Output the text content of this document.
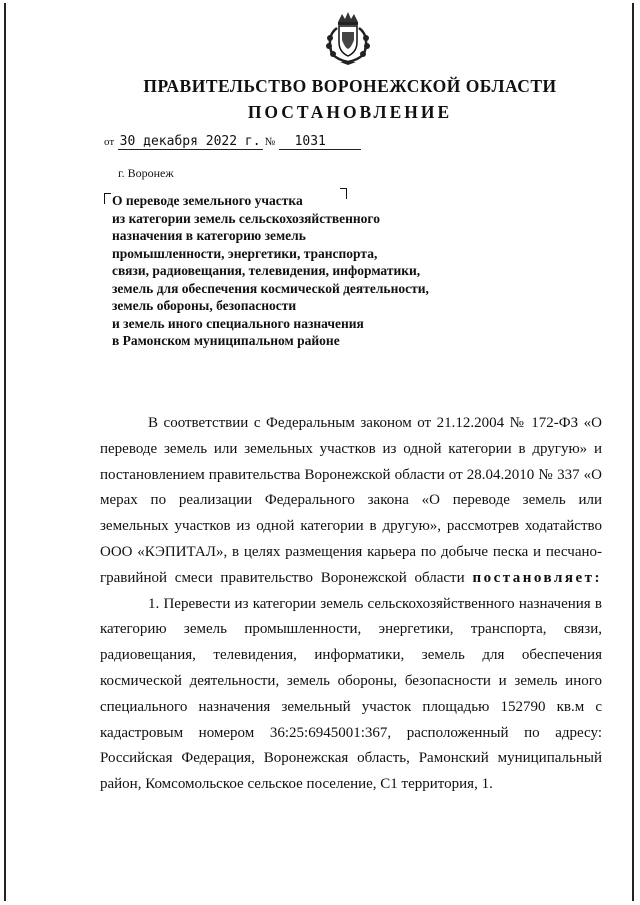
ПРАВИТЕЛЬСТВО ВОРОНЕЖСКОЙ ОБЛАСТИ
ПОСТАНОВЛЕНИЕ
от 30 декабря 2022 г. № 1031
г. Воронеж
О переводе земельного участка
из категории земель сельскохозяйственного
назначения в категорию земель
промышленности, энергетики, транспорта,
связи, радиовещания, телевидения, информатики,
земель для обеспечения космической деятельности,
земель обороны, безопасности
и земель иного специального назначения
в Рамонском муниципальном районе

В соответствии с Федеральным законом от 21.12.2004 № 172-ФЗ «О переводе земель или земельных участков из одной категории в другую» и постановлением правительства Воронежской области от 28.04.2010 № 337 «О мерах по реализации Федерального закона «О переводе земель или земельных участков из одной категории в другую», рассмотрев ходатайство ООО «КЭПИТАЛ», в целях размещения карьера по добыче песка и песчано-гравийной смеси правительство Воронежской области постановляет:

1. Перевести из категории земель сельскохозяйственного назначения в категорию земель промышленности, энергетики, транспорта, связи, радиовещания, телевидения, информатики, земель для обеспечения космической деятельности, земель обороны, безопасности и земель иного специального назначения земельный участок площадью 152790 кв.м с кадастровым номером 36:25:6945001:367, расположенный по адресу: Российская Федерация, Воронежская область, Рамонский муниципальный район, Комсомольское сельское поселение, С1 территория, 1.
